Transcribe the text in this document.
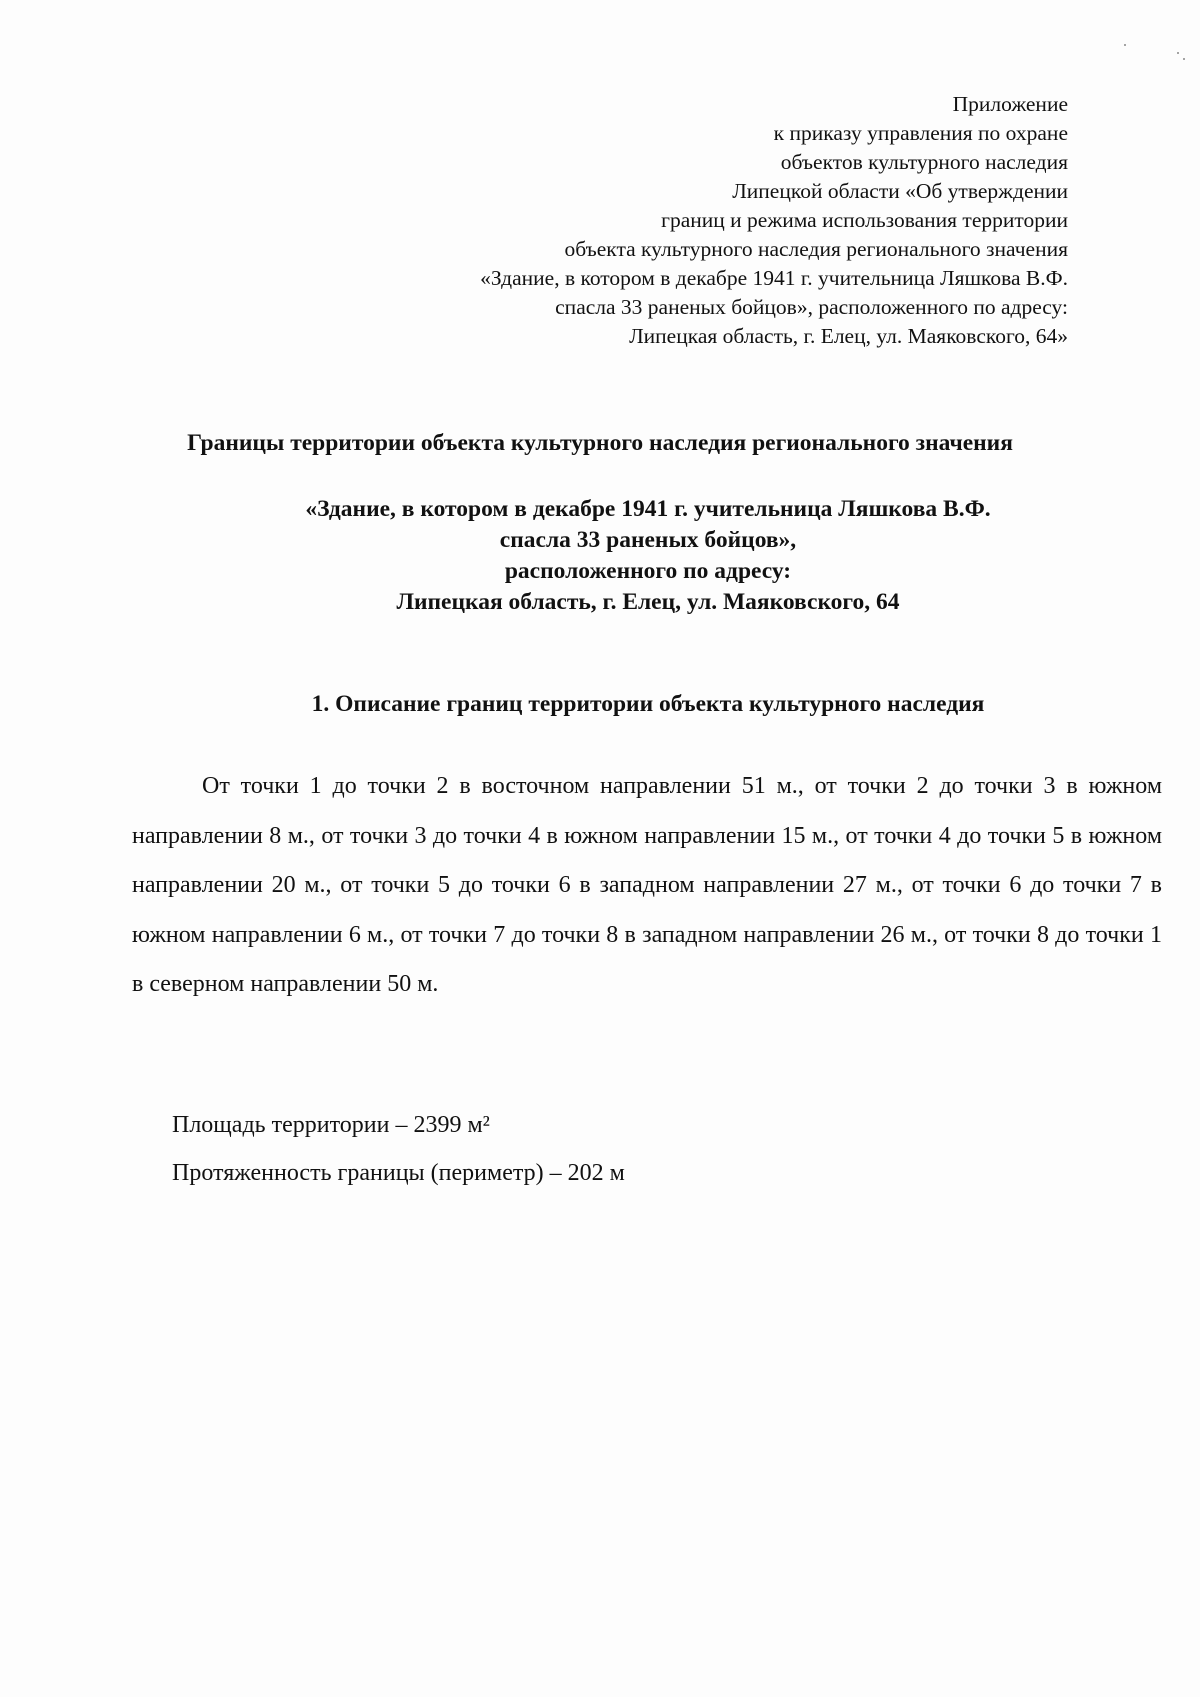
Приложение
к приказу управления по охране
объектов культурного наследия
Липецкой области «Об утверждении
границ и режима использования территории
объекта культурного наследия регионального значения
«Здание, в котором в декабре 1941 г. учительница Ляшкова В.Ф.
спасла 33 раненых бойцов», расположенного по адресу:
Липецкая область, г. Елец, ул. Маяковского, 64»
Границы территории объекта культурного наследия регионального значения
«Здание, в котором в декабре 1941 г. учительница Ляшкова В.Ф.
спасла 33 раненых бойцов»,
расположенного по адресу:
Липецкая область, г. Елец, ул. Маяковского, 64
1. Описание границ территории объекта культурного наследия

От точки 1 до точки 2 в восточном направлении 51 м., от точки 2 до точки 3 в южном направлении 8 м., от точки 3 до точки 4 в южном направлении 15 м., от точки 4 до точки 5 в южном направлении 20 м., от точки 5 до точки 6 в западном направлении 27 м., от точки 6 до точки 7 в южном направлении 6 м., от точки 7 до точки 8 в западном направлении 26 м., от точки 8 до точки 1 в северном направлении 50 м.

Площадь территории – 2399 м²
Протяженность границы (периметр) – 202 м
